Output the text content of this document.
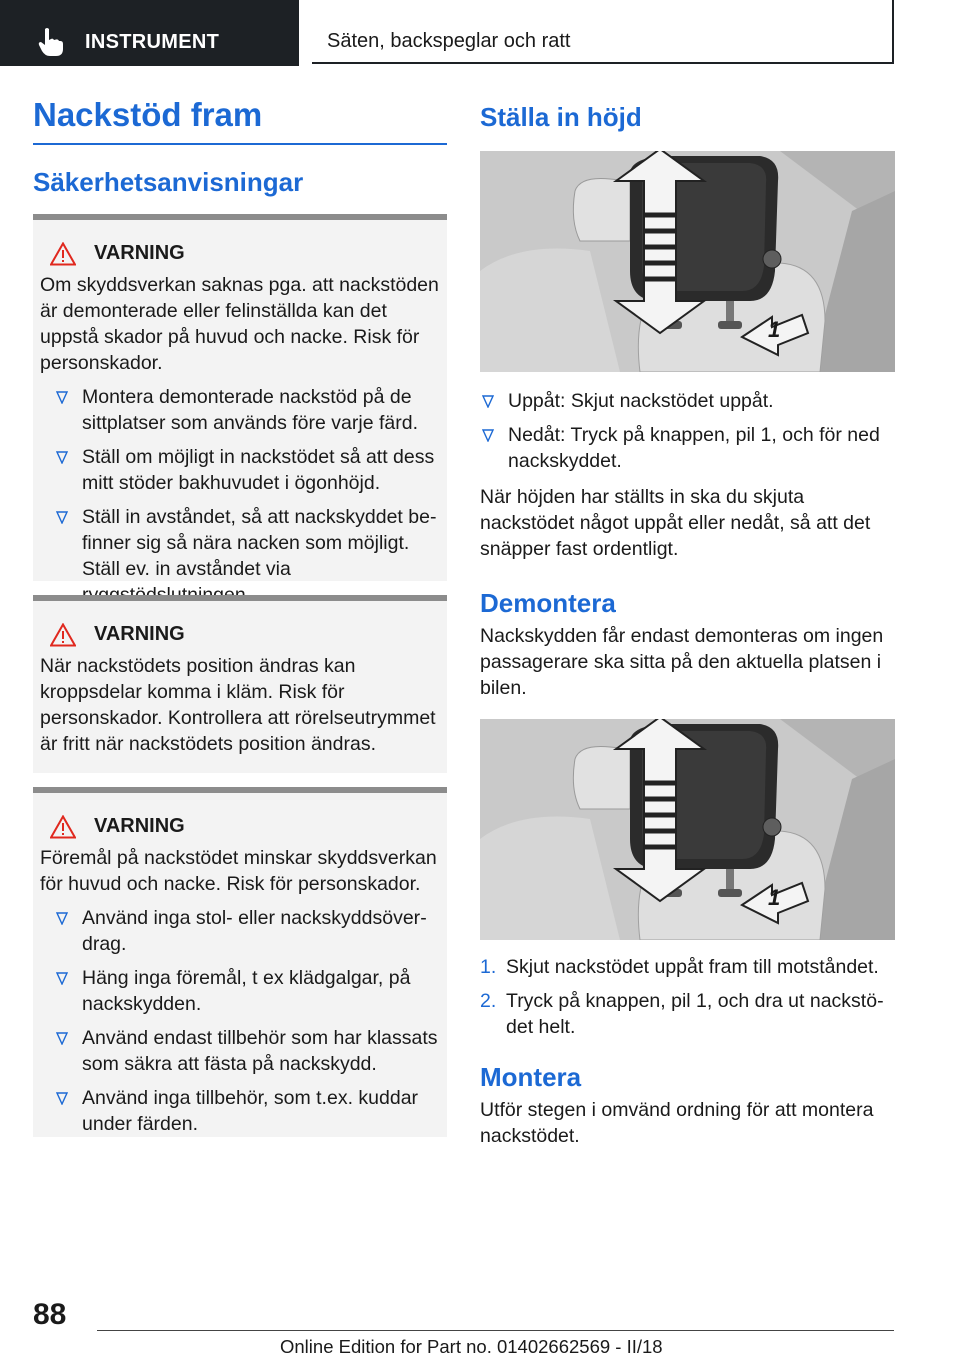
INSTRUMENT	Säten, backspeglar och ratt
Nackstöd fram
Säkerhetsanvisningar
VARNING

Om skyddsverkan saknas pga. att nackstöden är demonterade eller felinställda kan det uppstå skador på huvud och nacke. Risk för personskador.

Montera demonterade nackstöd på de sittplatser som används före varje färd.
Ställ om möjligt in nackstödet så att dess mitt stöder bakhuvudet i ögonhöjd.
Ställ in avståndet, så att nackskyddet befinner sig så nära nacken som möjligt. Ställ ev. in avståndet via
VARNING

När nackstödets position ändras kan kroppsdelar komma i kläm. Risk för personskador. Kontrollera att rörelseutrymmet är fritt när nackstödets position ändras.

VARNING

Föremål på nackstödet minskar skyddsverkan för huvud och nacke. Risk för personskador.

Använd inga stol- eller nackskyddsöverdrag.
Häng inga föremål, t ex klädgalgar, på nackskydden.
Använd endast tillbehör som har klassats som säkra att fästa på nackskydd.
Använd inga tillbehör, som t.ex. kuddar under färden.
Ställa in höjd
1
Uppåt: Skjut nackstödet uppåt.
Nedåt: Tryck på knappen, pil 1, och för ned nackskyddet.

När höjden har ställts in ska du skjuta nackstödet något uppåt eller nedåt, så att det snäpper fast ordentligt.

Demontera

Nackskydden får endast demonteras om ingen passagerare ska sitta på den aktuella platsen i bilen.

1
1. Skjut nackstödet uppåt fram till motståndet.
2. Tryck på knappen, pil 1, och dra ut nackstödet helt.
Montera

Utför stegen i omvänd ordning för att montera nackstödet.

88
Online Edition for Part no. 01402662569 - II/18
